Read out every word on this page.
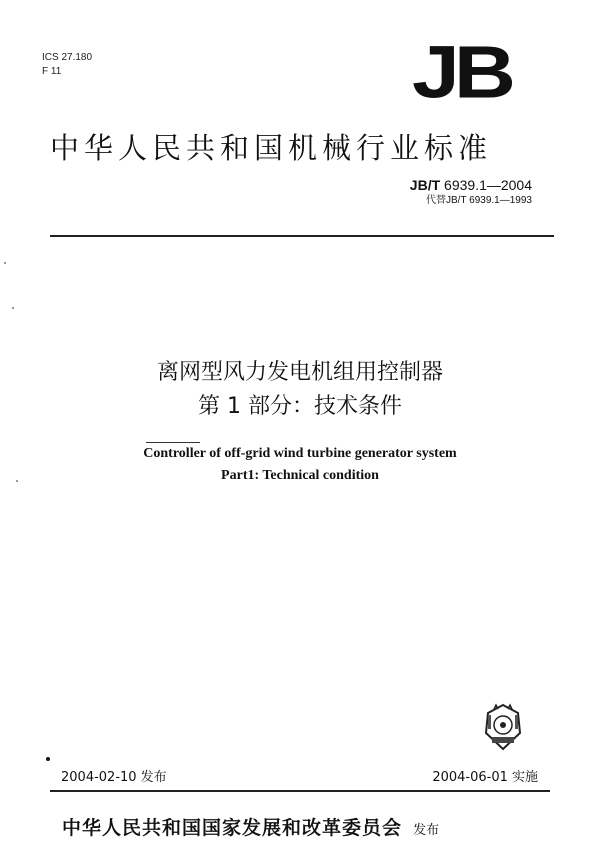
ICS 27.180
F 11	JB
中华人民共和国机械行业标准
JB/T 6939.1—2004
代替JB/T 6939.1—1993
离网型风力发电机组用控制器
第 1 部分：技术条件
Controller of off-grid wind turbine generator system
Part1: Technical condition
2004-02-10 发布	2004-06-01 实施
中华人民共和国国家发展和改革委员会 发布
